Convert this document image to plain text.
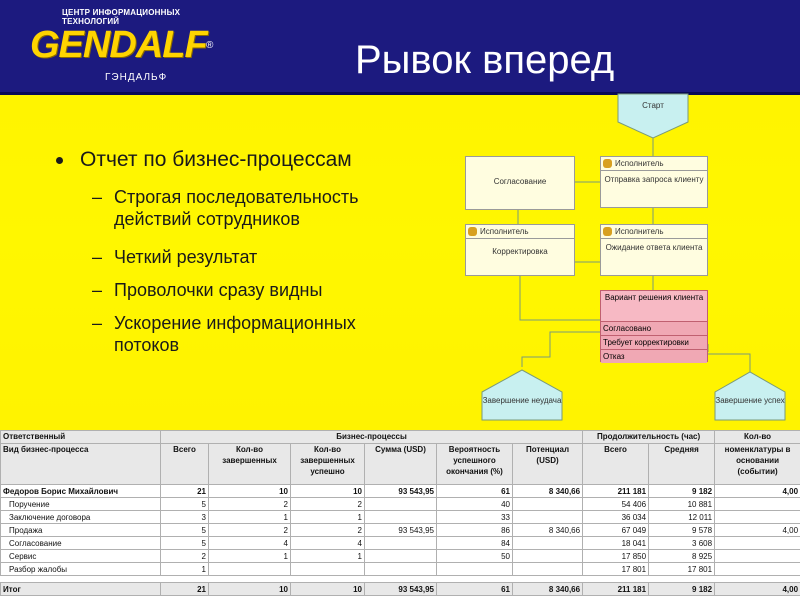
ЦЕНТР ИНФОРМАЦИОННЫХ ТЕХНОЛОГИЙ
GENDALF
ГЭНДАЛЬФ
®	Рывок вперед
Отчет по бизнес-процессам
– Строгая последовательность
действий сотрудников
– Четкий результат
– Проволочки сразу видны
– Ускорение информационных
потоков
Старт
Согласование
Исполнитель
Отправка запроса клиенту
Исполнитель
Корректировка
Исполнитель
Ожидание ответа клиента
Вариант решения клиента
Согласовано
Требует корректировки
Отказ
Завершение неудача	Завершение успех
Ответственный	Бизнес-процессы						Продолжительность (час)		Кол-во
Вид бизнес-процесса	Всего	Кол-во завершенных	Кол-во завершенных успешно	Сумма (USD)	Вероятность успешного окончания (%)	Потенциал (USD)	Всего	Средняя	номенклатуры в основании (событии)
Федоров Борис Михайлович	21	10	10	93 543,95	61	8 340,66	211 181	9 182	4,00
Поручение	5	2	2		40		54 406	10 881	
Заключение договора	3	1	1		33		36 034	12 011	
Продажа	5	2	2	93 543,95	86	8 340,66	67 049	9 578	4,00
Согласование	5	4	4		84		18 041	3 608	
Сервис	2	1	1		50		17 850	8 925	
Разбор жалобы	1						17 801	17 801	

Итог	21	10	10	93 543,95	61	8 340,66	211 181	9 182	4,00
